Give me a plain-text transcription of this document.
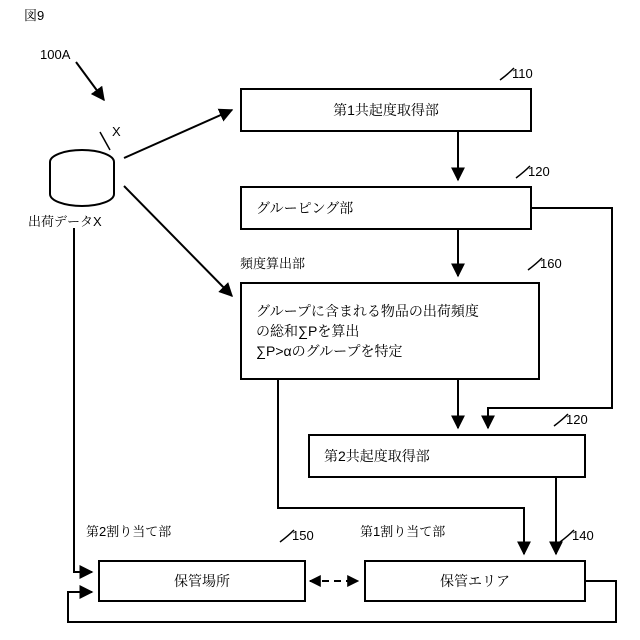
図9
100A
X
出荷データX
第1共起度取得部
110
グルーピング部
120
頻度算出部
グループに含まれる物品の出荷頻度
の総和∑Pを算出
∑P>αのグループを特定
160
第2共起度取得部
120
第2割り当て部
保管場所
150	第1割り当て部
保管エリア
140
